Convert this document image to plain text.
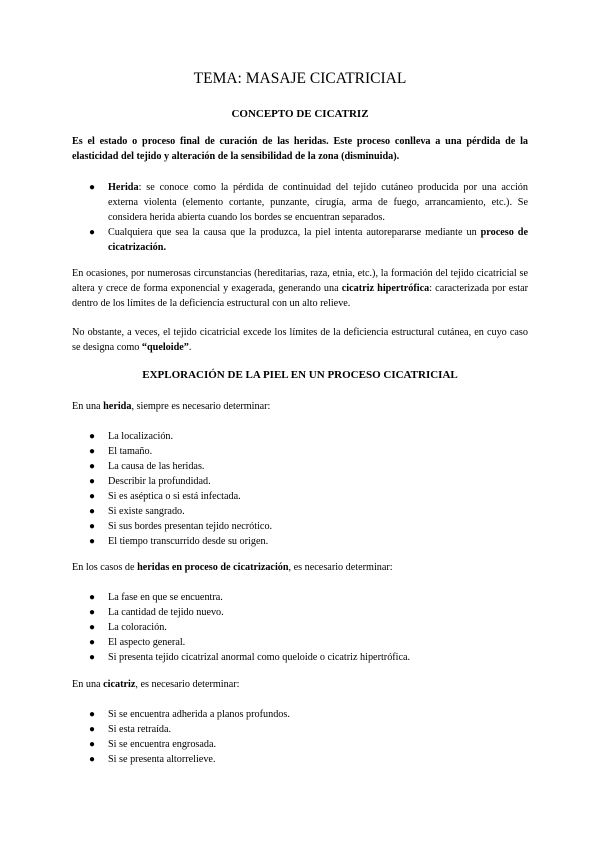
TEMA: MASAJE CICATRICIAL
CONCEPTO DE CICATRIZ
Es el estado o proceso final de curación de las heridas. Este proceso conlleva a una pérdida de la elasticidad del tejido y alteración de la sensibilidad de la zona (disminuida).
● Herida: se conoce como la pérdida de continuidad del tejido cutáneo producida por una acción externa violenta (elemento cortante, punzante, cirugía, arma de fuego, arrancamiento, etc.). Se considera herida abierta cuando los bordes se encuentran separados.
● Cualquiera que sea la causa que la produzca, la piel intenta autorepararse mediante un proceso de cicatrización.
En ocasiones, por numerosas circunstancias (hereditarias, raza, etnia, etc.), la formación del tejido cicatricial se altera y crece de forma exponencial y exagerada, generando una cicatriz hipertrófica: caracterizada por estar dentro de los límites de la deficiencia estructural con un alto relieve.
No obstante, a veces, el tejido cicatricial excede los límites de la deficiencia estructural cutánea, en cuyo caso se designa como “queloide”.
EXPLORACIÓN DE LA PIEL EN UN PROCESO CICATRICIAL
En una herida, siempre es necesario determinar:
● La localización.
● El tamaño.
● La causa de las heridas.
● Describir la profundidad.
● Si es aséptica o si está infectada.
● Si existe sangrado.
● Si sus bordes presentan tejido necrótico.
● El tiempo transcurrido desde su origen.
En los casos de heridas en proceso de cicatrización, es necesario determinar:
● La fase en que se encuentra.
● La cantidad de tejido nuevo.
● La coloración.
● El aspecto general.
● Si presenta tejido cicatrizal anormal como queloide o cicatriz hipertrófica.
En una cicatriz, es necesario determinar:
● Si se encuentra adherida a planos profundos.
● Si esta retraída.
● Si se encuentra engrosada.
● Si se presenta altorrelieve.
